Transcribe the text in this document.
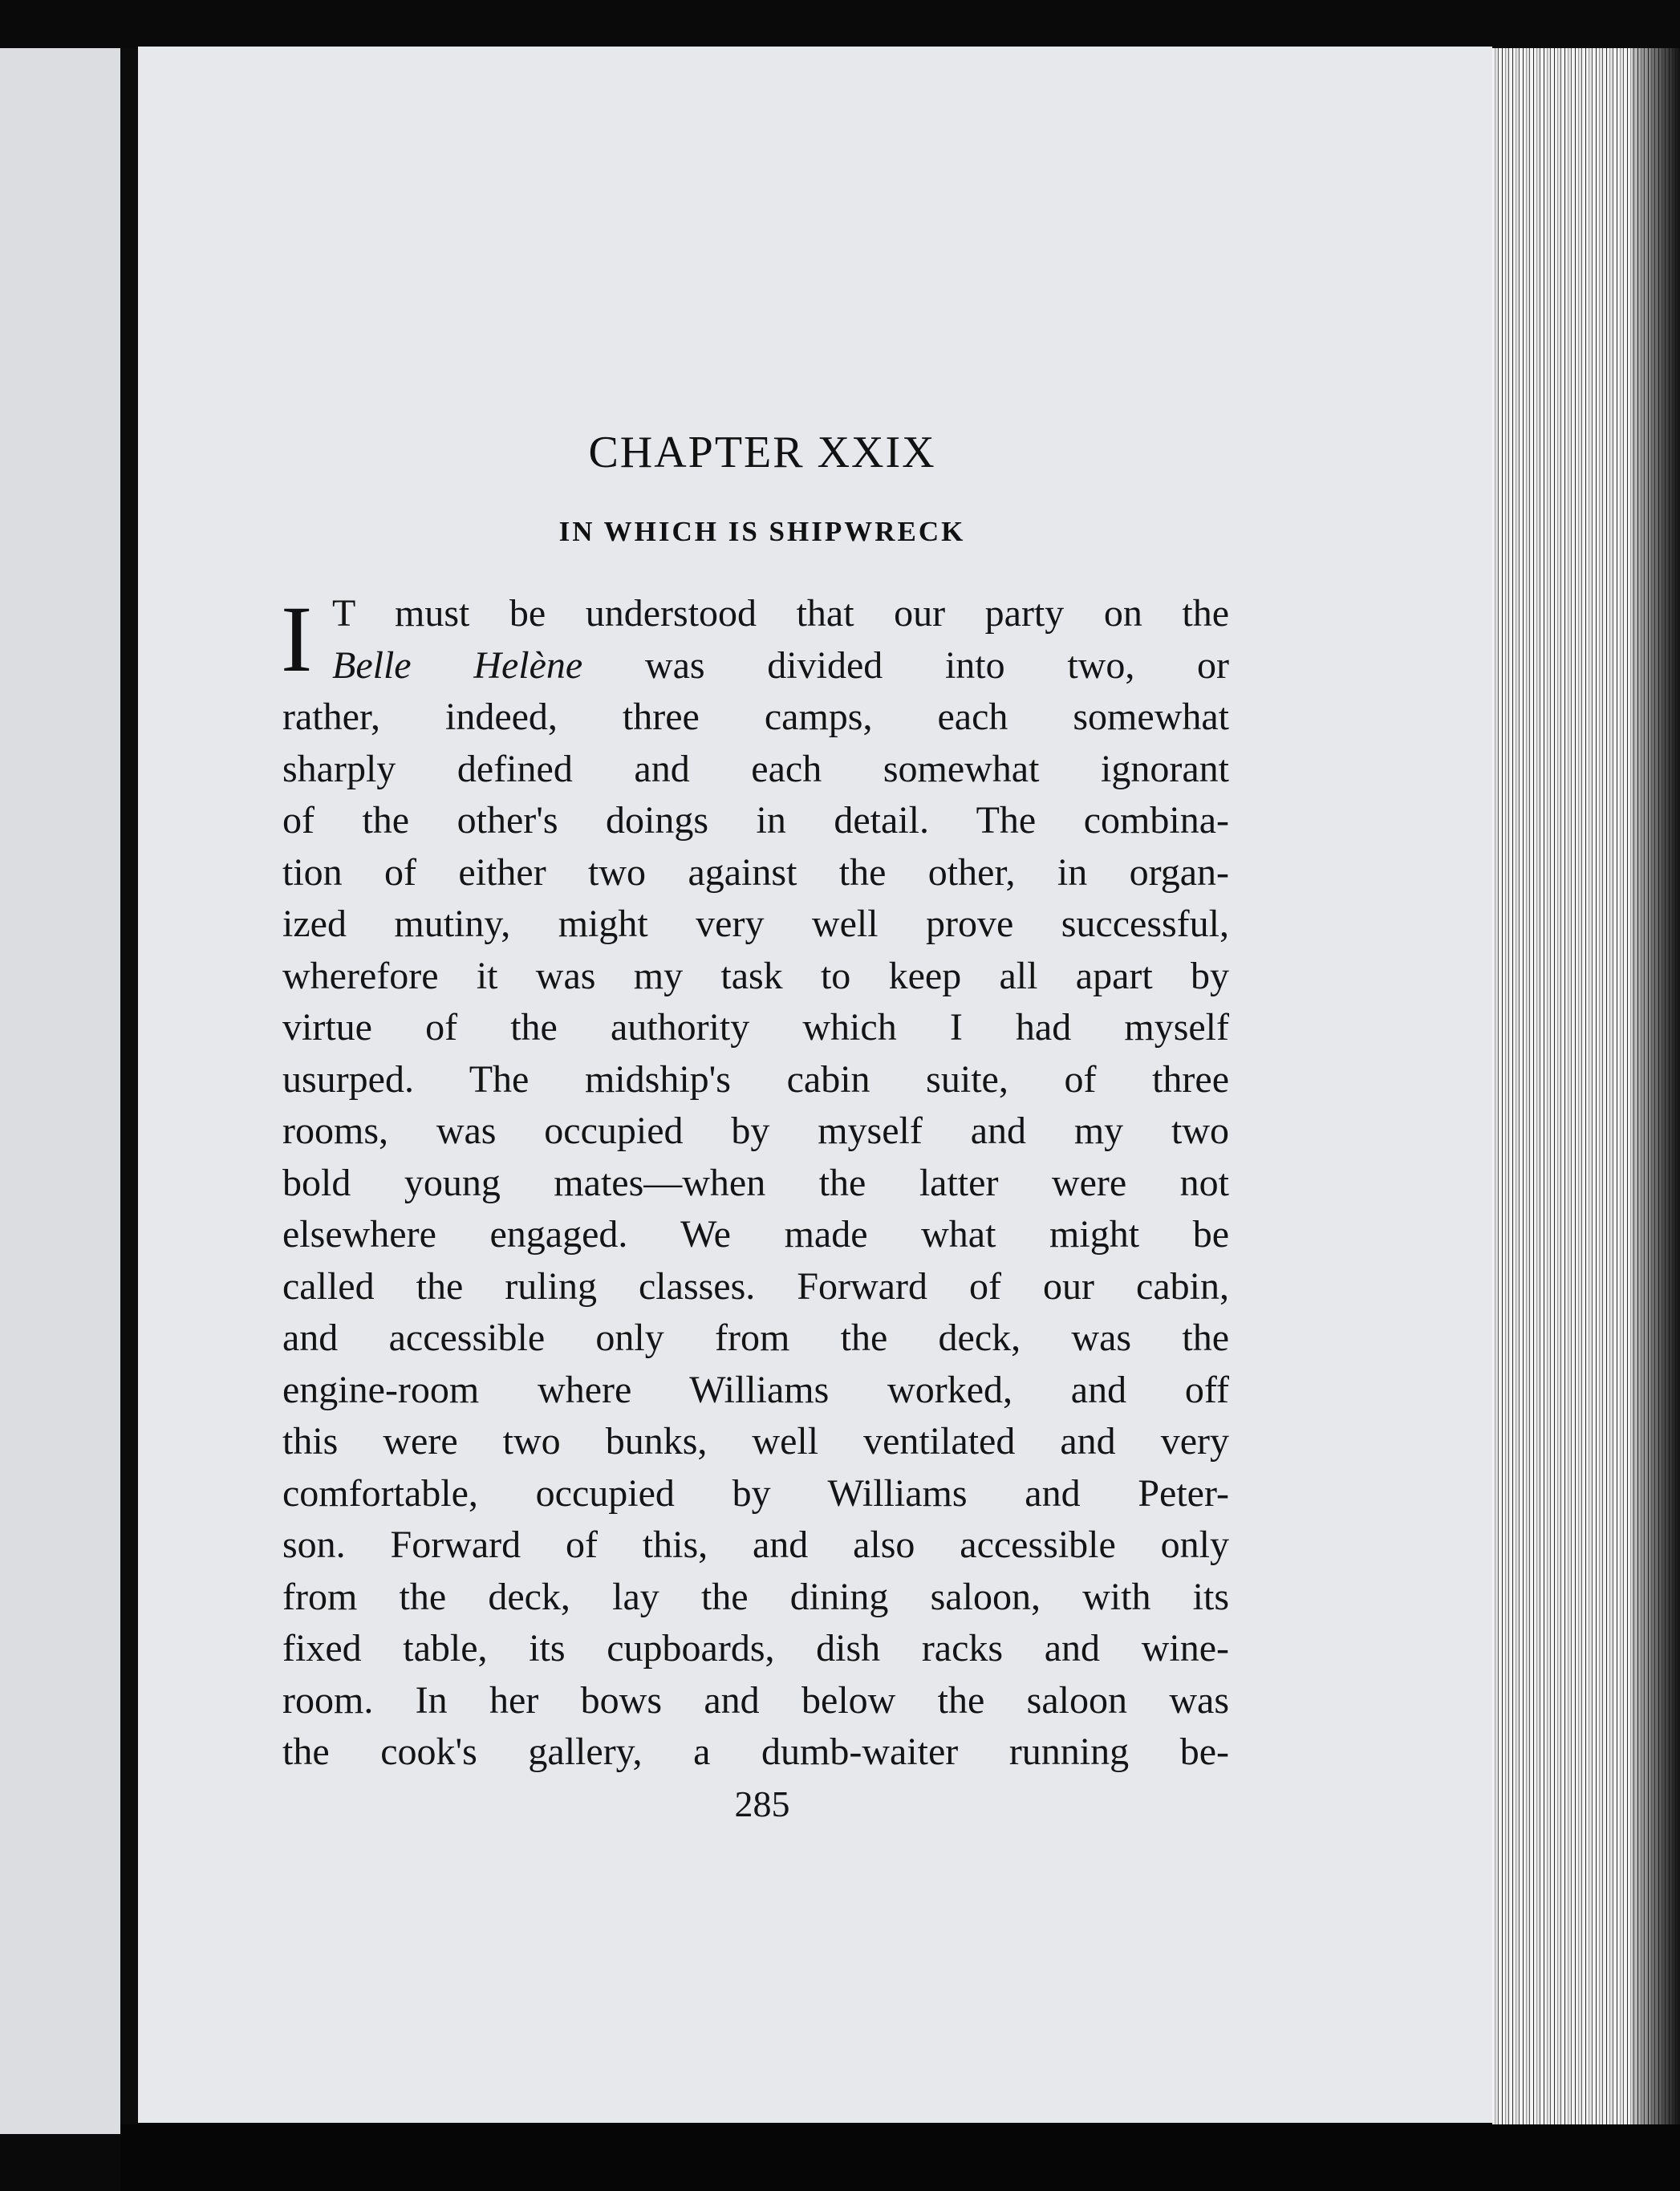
CHAPTER XXIX
IN WHICH IS SHIPWRECK
I T must be understood that our party on the
Belle Helène was divided into two, or
rather, indeed, three camps, each somewhat
sharply defined and each somewhat ignorant
of the other's doings in detail. The combina-
tion of either two against the other, in organ-
ized mutiny, might very well prove successful,
wherefore it was my task to keep all apart by
virtue of the authority which I had myself
usurped. The midship's cabin suite, of three
rooms, was occupied by myself and my two
bold young mates—when the latter were not
elsewhere engaged. We made what might be
called the ruling classes. Forward of our cabin,
and accessible only from the deck, was the
engine-room where Williams worked, and off
this were two bunks, well ventilated and very
comfortable, occupied by Williams and Peter-
son. Forward of this, and also accessible only
from the deck, lay the dining saloon, with its
fixed table, its cupboards, dish racks and wine-
room. In her bows and below the saloon was
the cook's gallery, a dumb-waiter running be-
285
